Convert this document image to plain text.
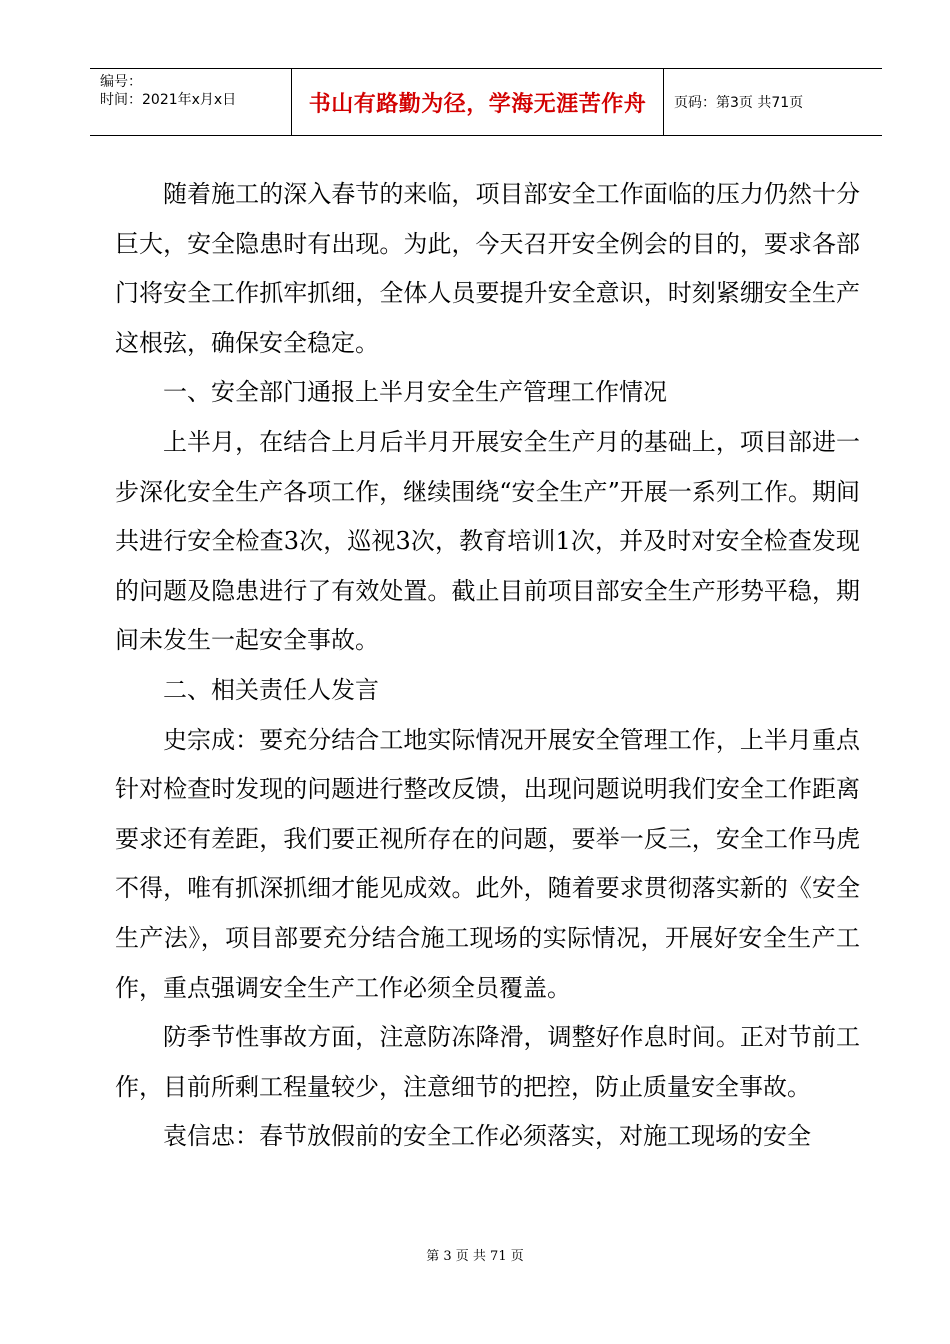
编号：
时间：2021年x月x日	书山有路勤为径，学海无涯苦作舟	页码：第3页 共71页

随着施工的深入春节的来临，项目部安全工作面临的压力仍然十分巨大，安全隐患时有出现。为此，今天召开安全例会的目的，要求各部门将安全工作抓牢抓细，全体人员要提升安全意识，时刻紧绷安全生产这根弦，确保安全稳定。

一、安全部门通报上半月安全生产管理工作情况

上半月，在结合上月后半月开展安全生产月的基础上，项目部进一步深化安全生产各项工作，继续围绕“安全生产”开展一系列工作。期间共进行安全检查3次，巡视3次，教育培训1次，并及时对安全检查发现的问题及隐患进行了有效处置。截止目前项目部安全生产形势平稳，期间未发生一起安全事故。

二、相关责任人发言

史宗成：要充分结合工地实际情况开展安全管理工作，上半月重点针对检查时发现的问题进行整改反馈，出现问题说明我们安全工作距离要求还有差距，我们要正视所存在的问题，要举一反三，安全工作马虎不得，唯有抓深抓细才能见成效。此外，随着要求贯彻落实新的《安全生产法》，项目部要充分结合施工现场的实际情况，开展好安全生产工作，重点强调安全生产工作必须全员覆盖。

防季节性事故方面，注意防冻降滑，调整好作息时间。正对节前工作，目前所剩工程量较少，注意细节的把控，防止质量安全事故。

袁信忠：春节放假前的安全工作必须落实，对施工现场的安全

第 3 页 共 71 页
